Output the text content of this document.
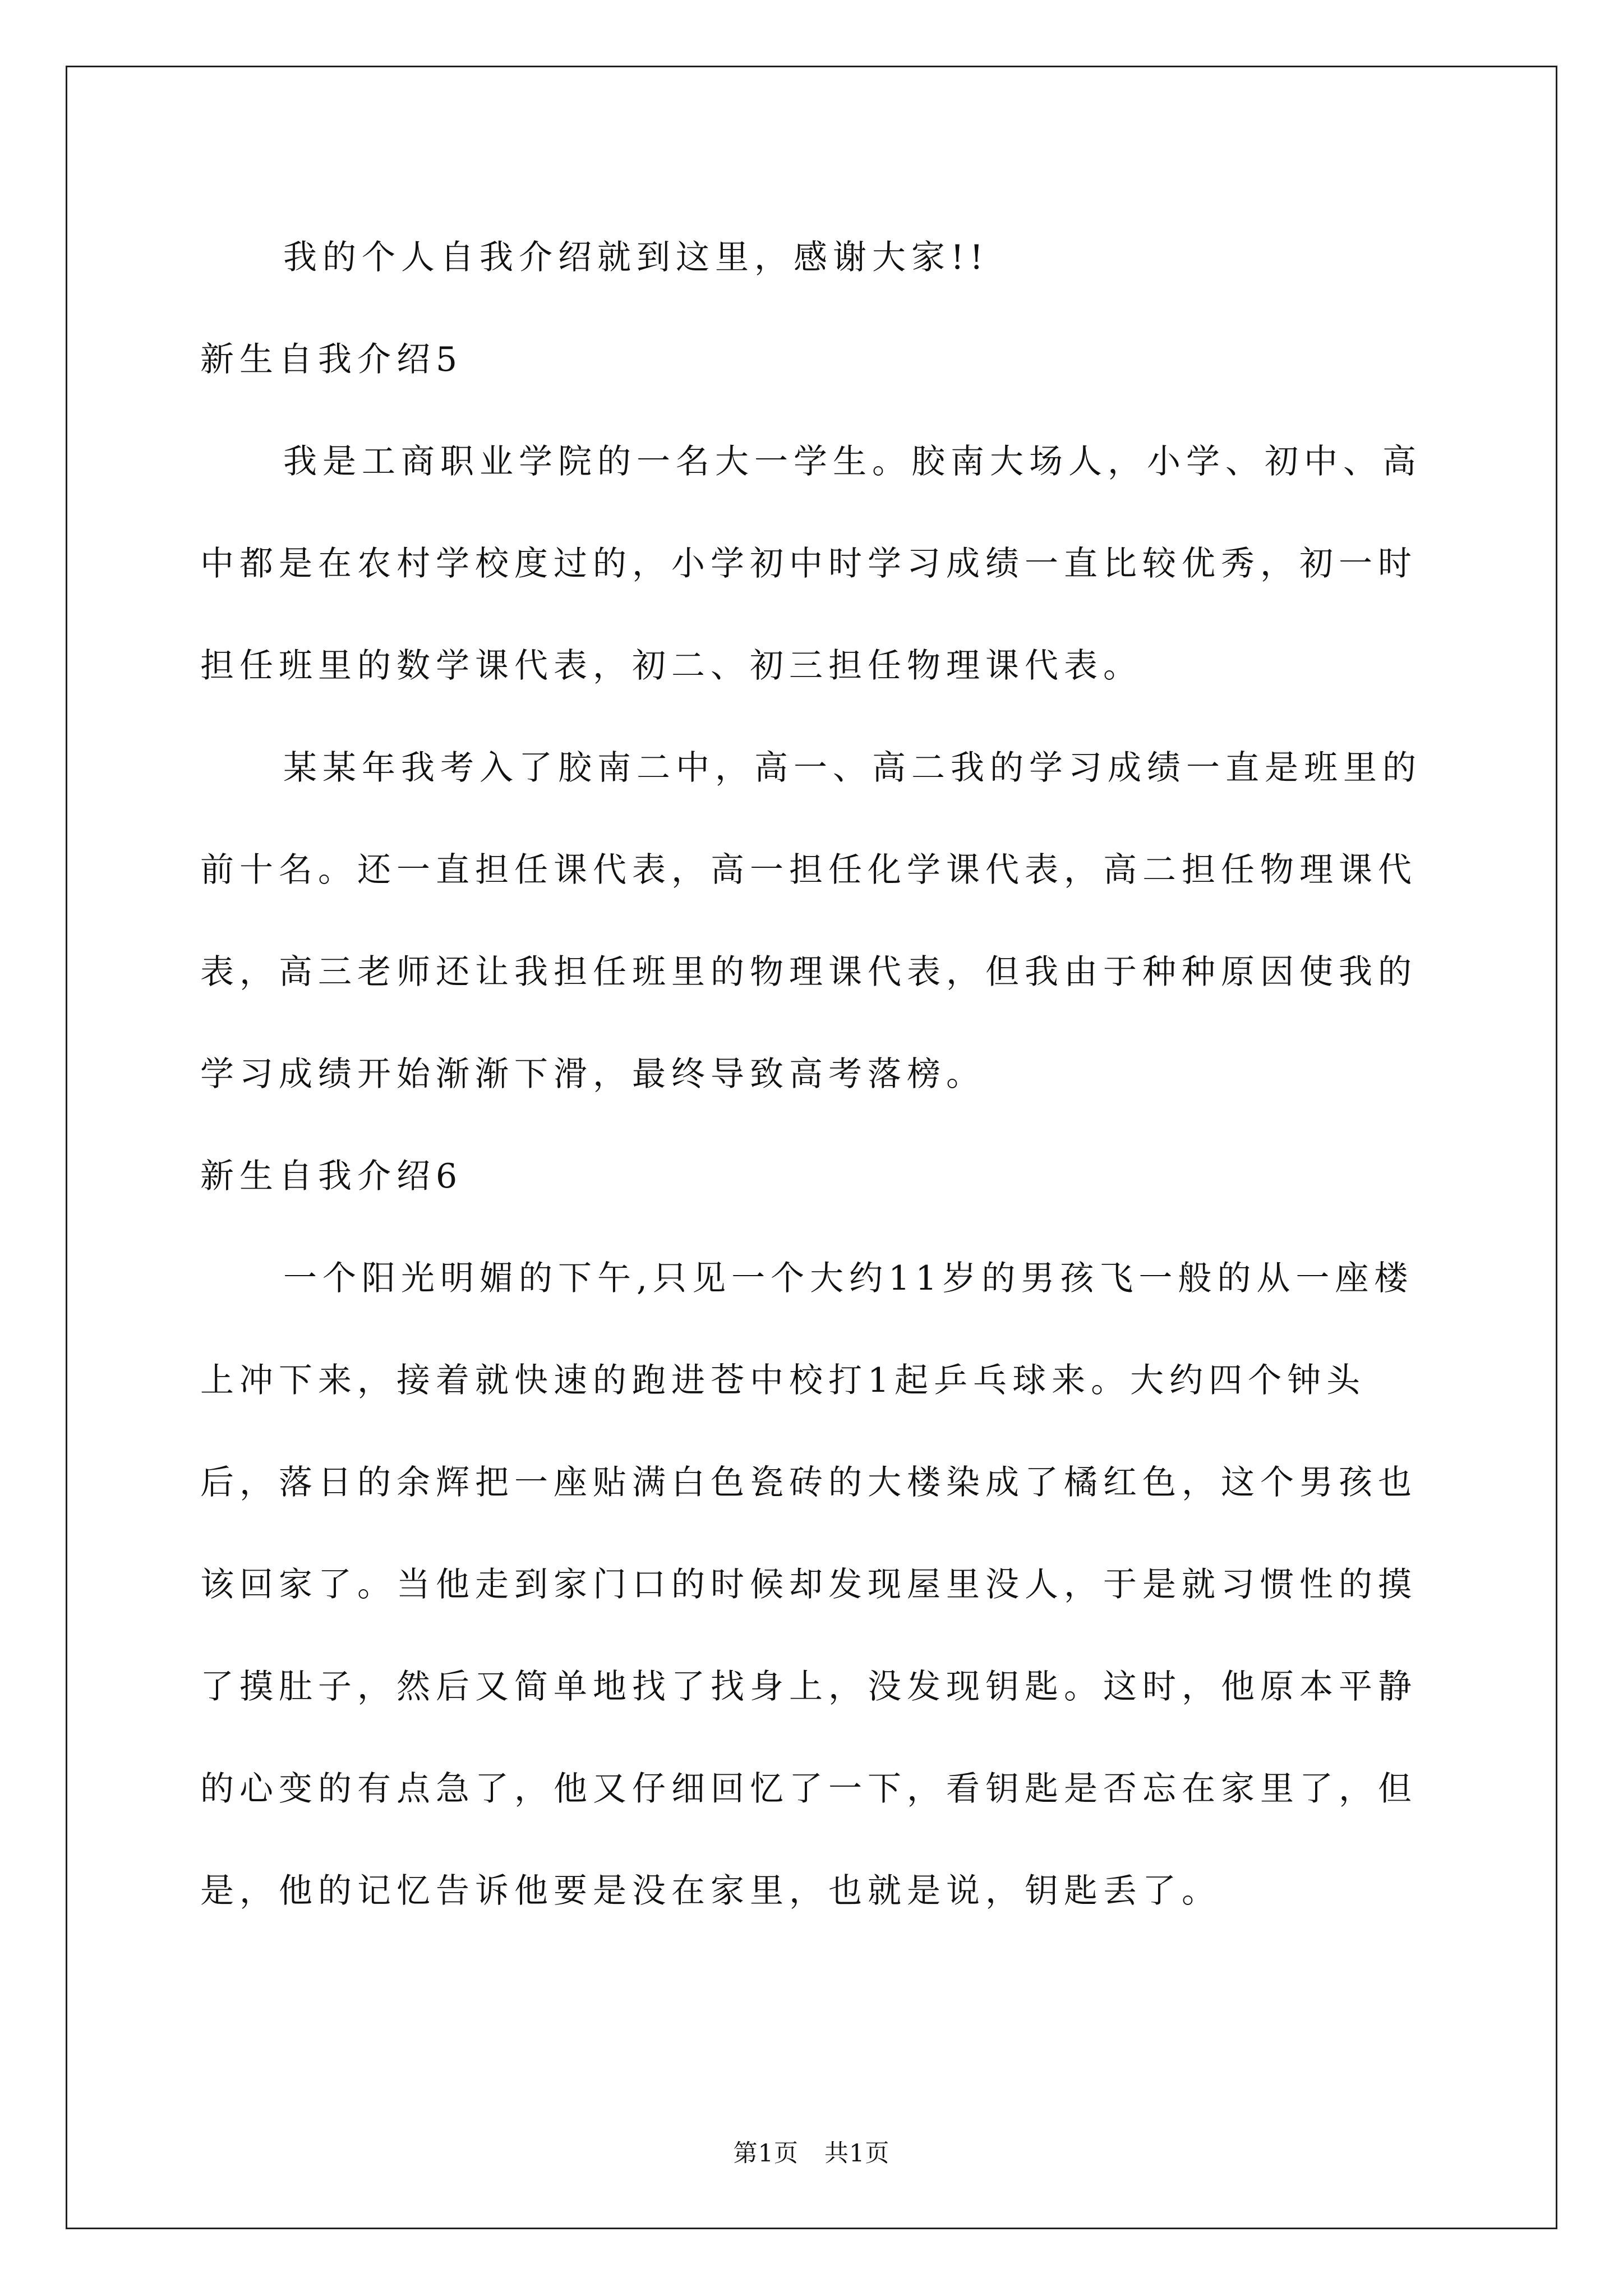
我的个人自我介绍就到这里，感谢大家!!

新生自我介绍5

我是工商职业学院的一名大一学生。胶南大场人，小学、初中、高中都是在农村学校度过的，小学初中时学习成绩一直比较优秀，初一时担任班里的数学课代表，初二、初三担任物理课代表。

某某年我考入了胶南二中，高一、高二我的学习成绩一直是班里的前十名。还一直担任课代表，高一担任化学课代表，高二担任物理课代表，高三老师还让我担任班里的物理课代表，但我由于种种原因使我的学习成绩开始渐渐下滑，最终导致高考落榜。

新生自我介绍6

一个阳光明媚的下午,只见一个大约11岁的男孩飞一般的从一座楼上冲下来，接着就快速的跑进苍中校打1起乒乓球来。大约四个钟头后，落日的余辉把一座贴满白色瓷砖的大楼染成了橘红色，这个男孩也该回家了。当他走到家门口的时候却发现屋里没人，于是就习惯性的摸了摸肚子，然后又简单地找了找身上，没发现钥匙。这时，他原本平静的心变的有点急了，他又仔细回忆了一下，看钥匙是否忘在家里了，但是，他的记忆告诉他要是没在家里，也就是说，钥匙丢了。

第1页 共1页
